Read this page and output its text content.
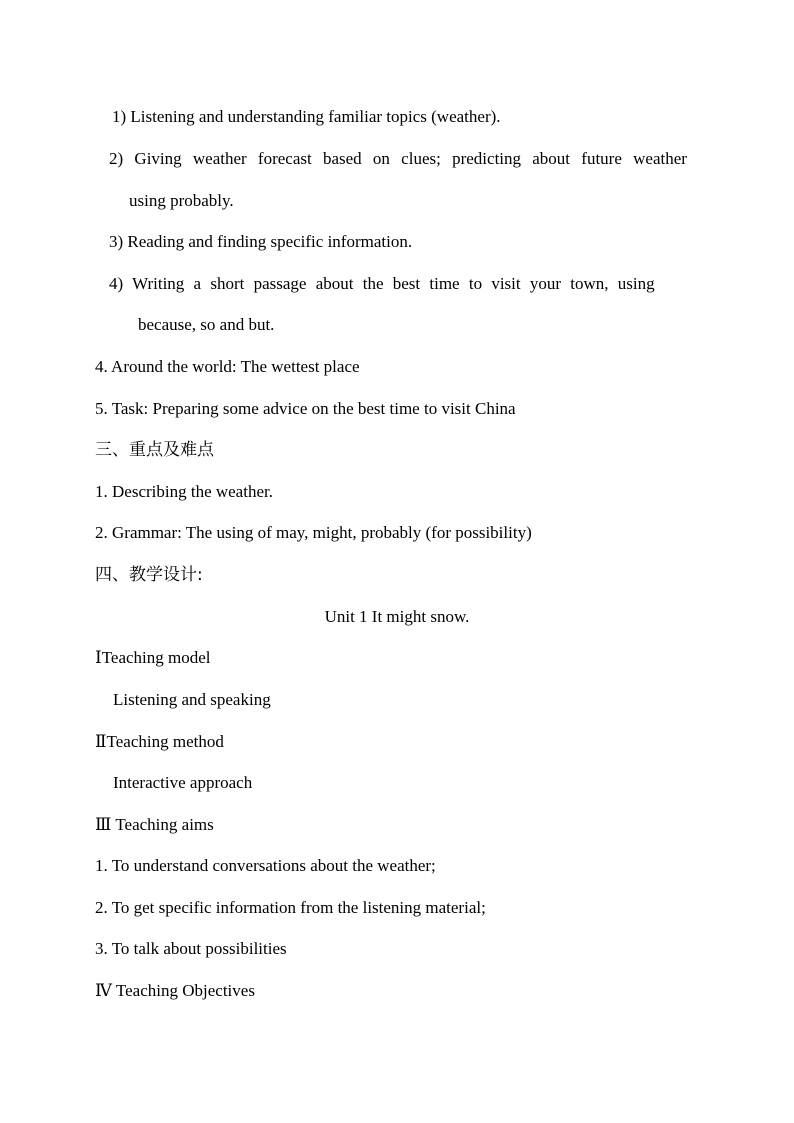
1) Listening and understanding familiar topics (weather).
2) Giving weather forecast based on clues; predicting about future weather
using probably.
3) Reading and finding specific information.
4) Writing a short passage about the best time to visit your town, using
because, so and but.
4. Around the world: The wettest place
5. Task: Preparing some advice on the best time to visit China
三、重点及难点
1. Describing the weather.
2. Grammar: The using of may, might, probably (for possibility)
四、教学设计:
Unit 1 It might snow.
ⅠTeaching model
Listening and speaking
ⅡTeaching method
Interactive approach
Ⅲ Teaching aims
1. To understand conversations about the weather;
2. To get specific information from the listening material;
3. To talk about possibilities
Ⅳ Teaching Objectives
